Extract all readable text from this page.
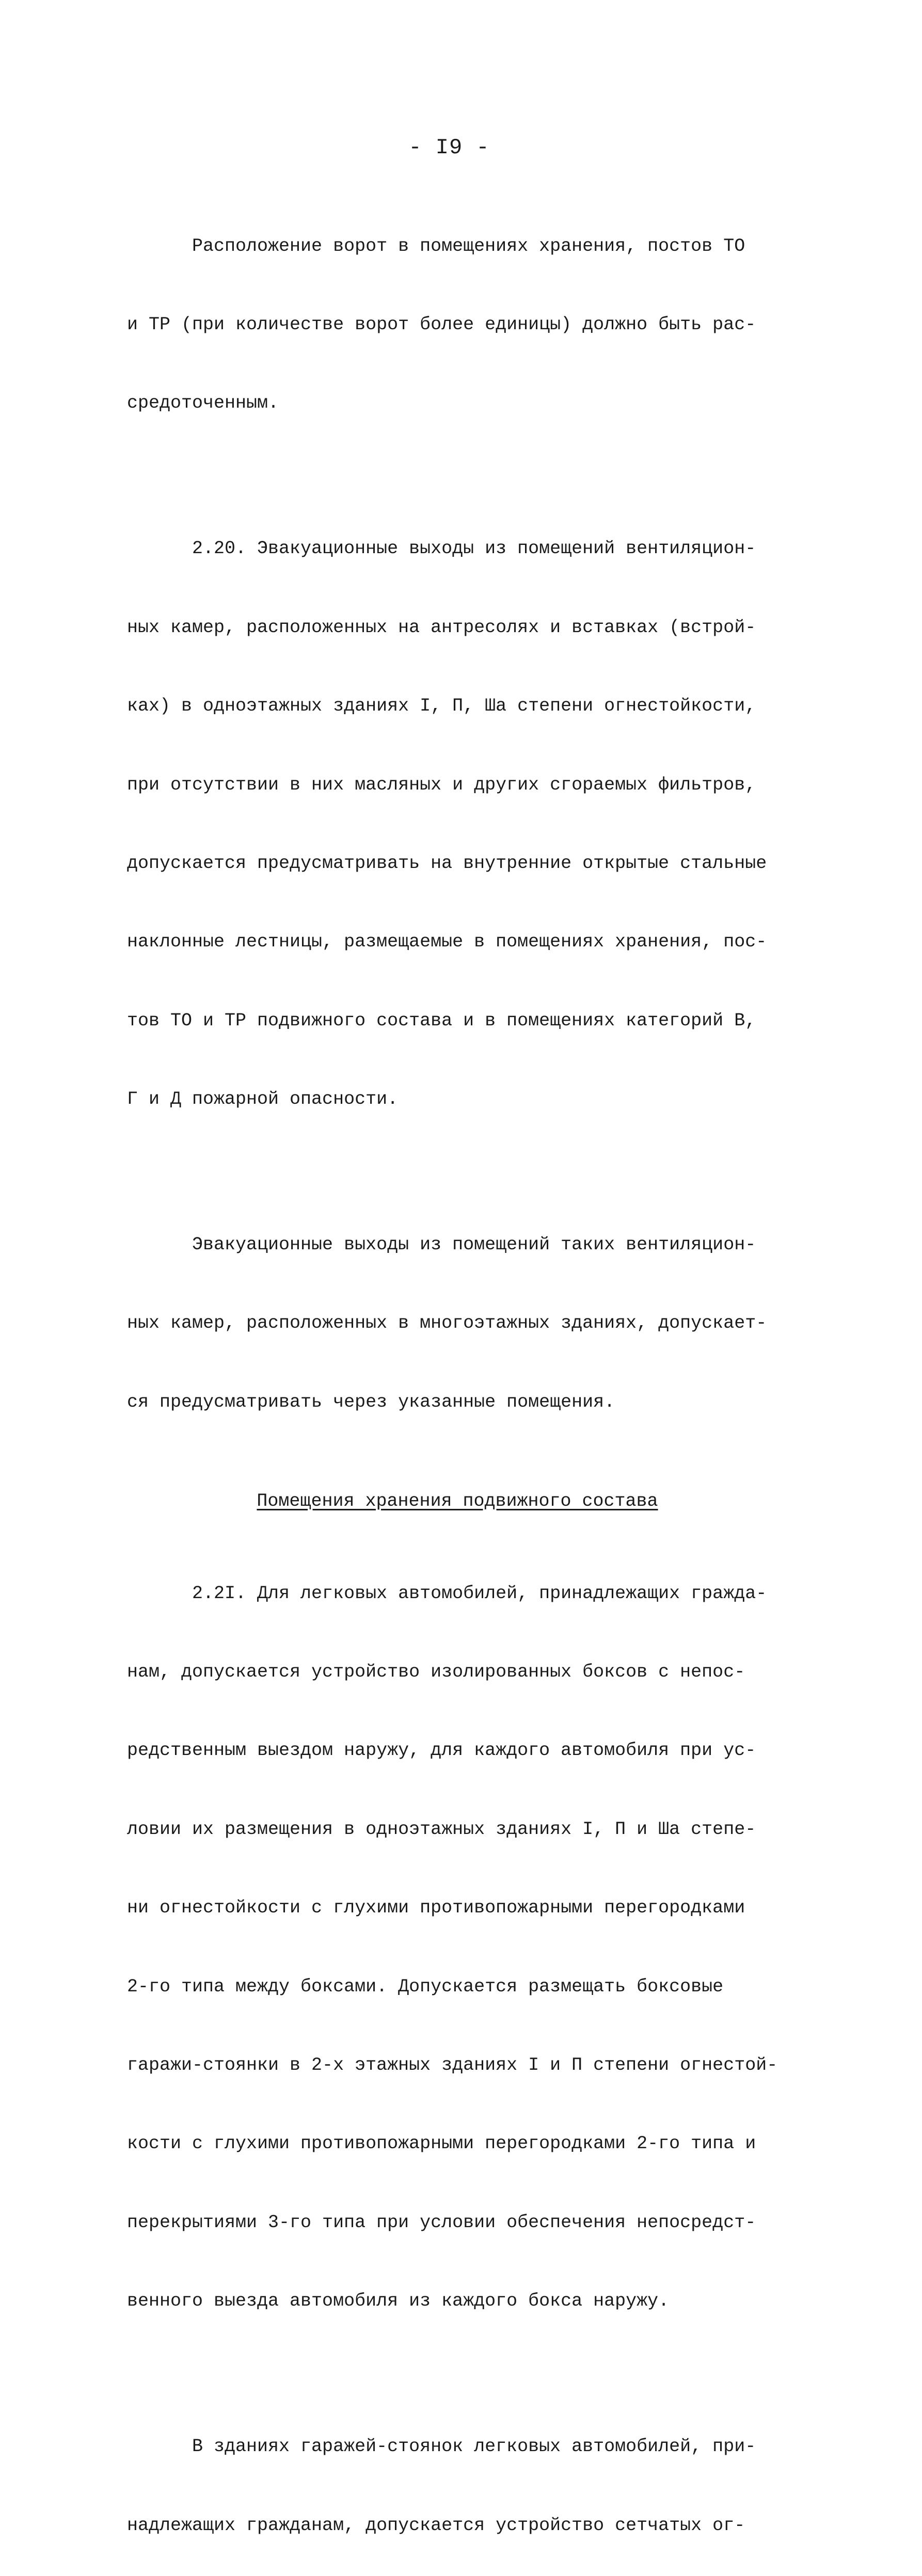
- I9 -

Расположение ворот в помещениях хранения, постов ТО

и ТР (при количестве ворот более единицы) должно быть рас-

средоточенным.

2.20. Эвакуационные выходы из помещений вентиляцион-

ных камер, расположенных на антресолях и вставках (встрой-

ках) в одноэтажных зданиях I, П, Шa степени огнестойкости,

при отсутствии в них масляных и других сгораемых фильтров,

допускается предусматривать на внутренние открытые стальные

наклонные лестницы, размещаемые в помещениях хранения, пос-

тов ТО и ТР подвижного состава и в помещениях категорий В,

Г и Д пожарной опасности.

Эвакуационные выходы из помещений таких вентиляцион-

ных камер, расположенных в многоэтажных зданиях, допускает-

ся предусматривать через указанные помещения.

Помещения хранения подвижного состава

2.2I. Для легковых автомобилей, принадлежащих гражда-

нам, допускается устройство изолированных боксов с непос-

редственным выездом наружу, для каждого автомобиля при ус-

ловии их размещения в одноэтажных зданиях I, П и Шa степе-

ни огнестойкости с глухими противопожарными перегородками

2-го типа между боксами. Допускается размещать боксовые

гаражи-стоянки в 2-х этажных зданиях I и П степени огнестой-

кости с глухими противопожарными перегородками 2-го типа и

перекрытиями 3-го типа при условии обеспечения непосредст-

венного выезда автомобиля из каждого бокса наружу.

В зданиях гаражей-стоянок легковых автомобилей, при-

надлежащих гражданам, допускается устройство сетчатых ог-
